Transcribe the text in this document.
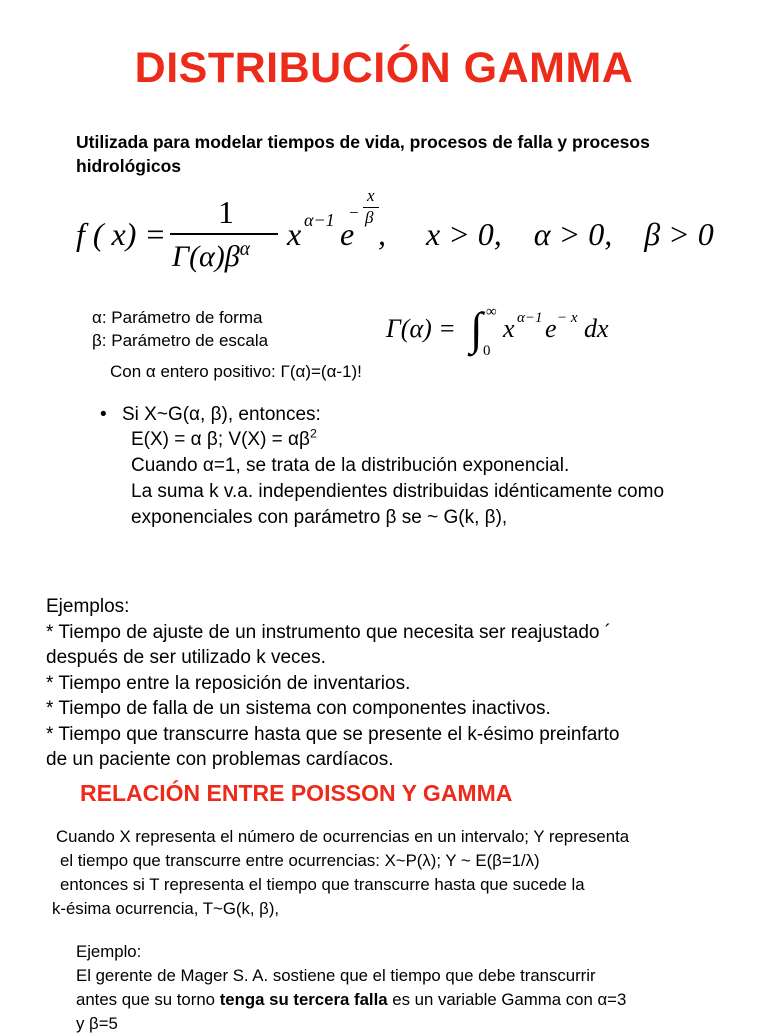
DISTRIBUCIÓN GAMMA
Utilizada para modelar tiempos de vida, procesos de falla y procesos hidrológicos
f ( x) =
1
$\Gamma(\alpha)\beta^\alpha$ x α−1 e
−
x
β ,     x > 0,    α > 0,    β > 0
α: Parámetro de forma
β: Parámetro de escala
Con α entero positivo: Γ(α)=(α-1)!
Γ(α) = ∫ ∞
0
x α−1 e − x dx
• Si X~G(α, β), entonces:
E(X) = α β; $V(X) = \alpha\beta^2$
Cuando α=1, se trata de la distribución exponencial.
La suma k v.a. independientes distribuidas idénticamente como
exponenciales con parámetro β se ~ G(k, β),
Ejemplos:
* Tiempo de ajuste de un instrumento que necesita ser reajustado ´
después de ser utilizado k veces.
* Tiempo entre la reposición de inventarios.
* Tiempo de falla de un sistema con componentes inactivos.
* Tiempo que transcurre hasta que se presente el k-ésimo preinfarto
de un paciente con problemas cardíacos.
RELACIÓN ENTRE POISSON Y GAMMA
Cuando X representa el número de ocurrencias en un intervalo; Y representa
el tiempo que transcurre entre ocurrencias: X~P(λ); Y ~ E(β=1/λ)
entonces si T representa el tiempo que transcurre hasta que sucede la
k-ésima ocurrencia, T~G(k, β),
Ejemplo:
El gerente de Mager S. A. sostiene que el tiempo que debe transcurrir
antes que su torno tenga su tercera falla es un variable Gamma con α=3
y β=5
